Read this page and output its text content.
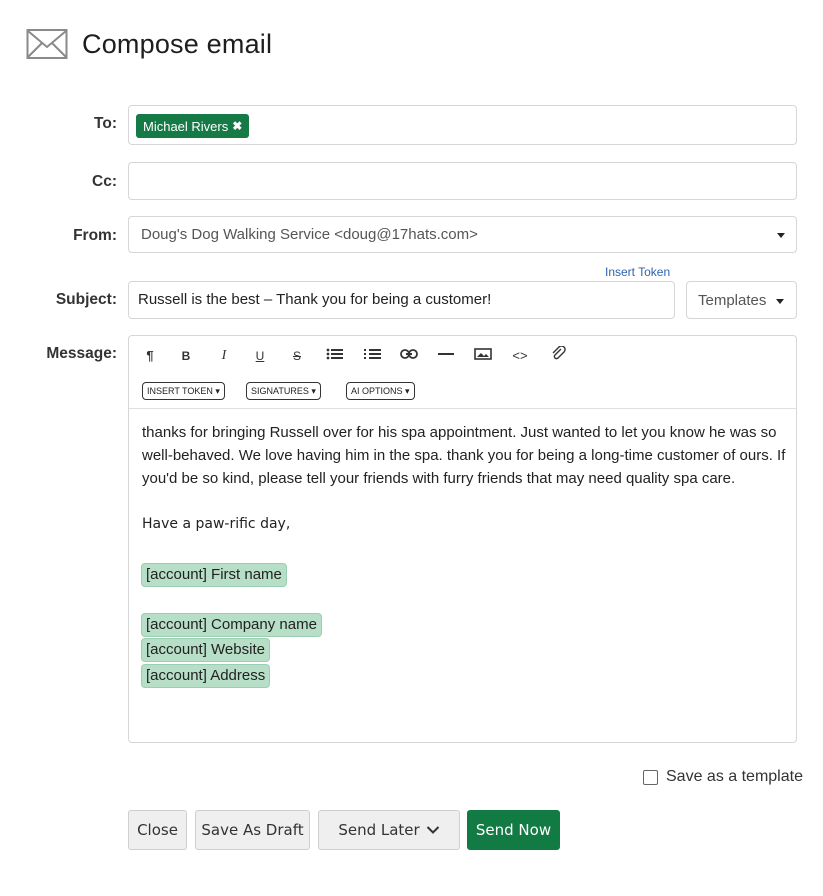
Compose email
To: Michael Rivers ✖
Cc:
From: Doug's Dog Walking Service <doug@17hats.com>
Insert Token
Subject: Russell is the best – Thank you for being a customer!	Templates
Message:	¶	B	I	U	S	<>
INSERT TOKEN ▾	SIGNATURES ▾	AI OPTIONS ▾
thanks for bringing Russell over for his spa appointment. Just wanted to let you know he was so well-behaved. We love having him in the spa. thank you for being a long-time customer of ours. If you'd be so kind, please tell your friends with furry friends that may need quality spa care.
Have a paw-rific day,
[account] First name
[account] Company name
[account] Website
[account] Address
Save as a template
Close Save As Draft Send Later	Send Now
